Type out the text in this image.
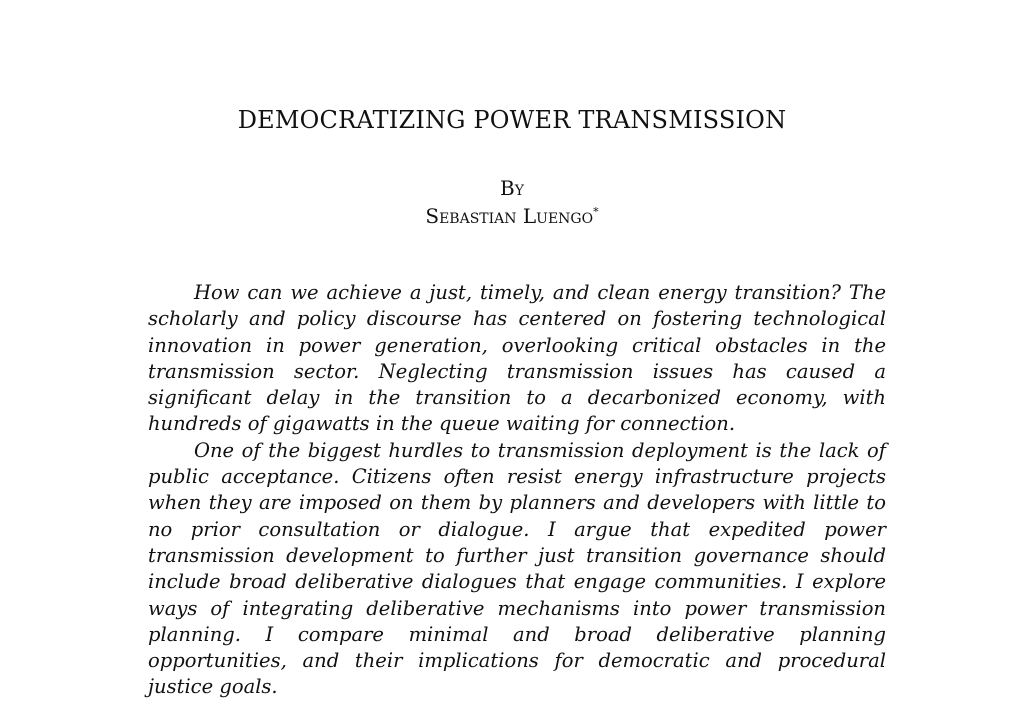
DEMOCRATIZING POWER TRANSMISSION
By
Sebastian Luengo*

How can we achieve a just, timely, and clean energy transition? The scholarly and policy discourse has centered on fostering technological innovation in power generation, overlooking critical obstacles in the transmission sector. Neglecting transmission issues has caused a significant delay in the transition to a decarbonized economy, with hundreds of gigawatts in the queue waiting for connection.

One of the biggest hurdles to transmission deployment is the lack of public acceptance. Citizens often resist energy infrastructure projects when they are imposed on them by planners and developers with little to no prior consultation or dialogue. I argue that expedited power transmission development to further just transition governance should include broad deliberative dialogues that engage communities. I explore ways of integrating deliberative mechanisms into power transmission planning. I compare minimal and broad deliberative planning opportunities, and their implications for democratic and procedural justice goals.
